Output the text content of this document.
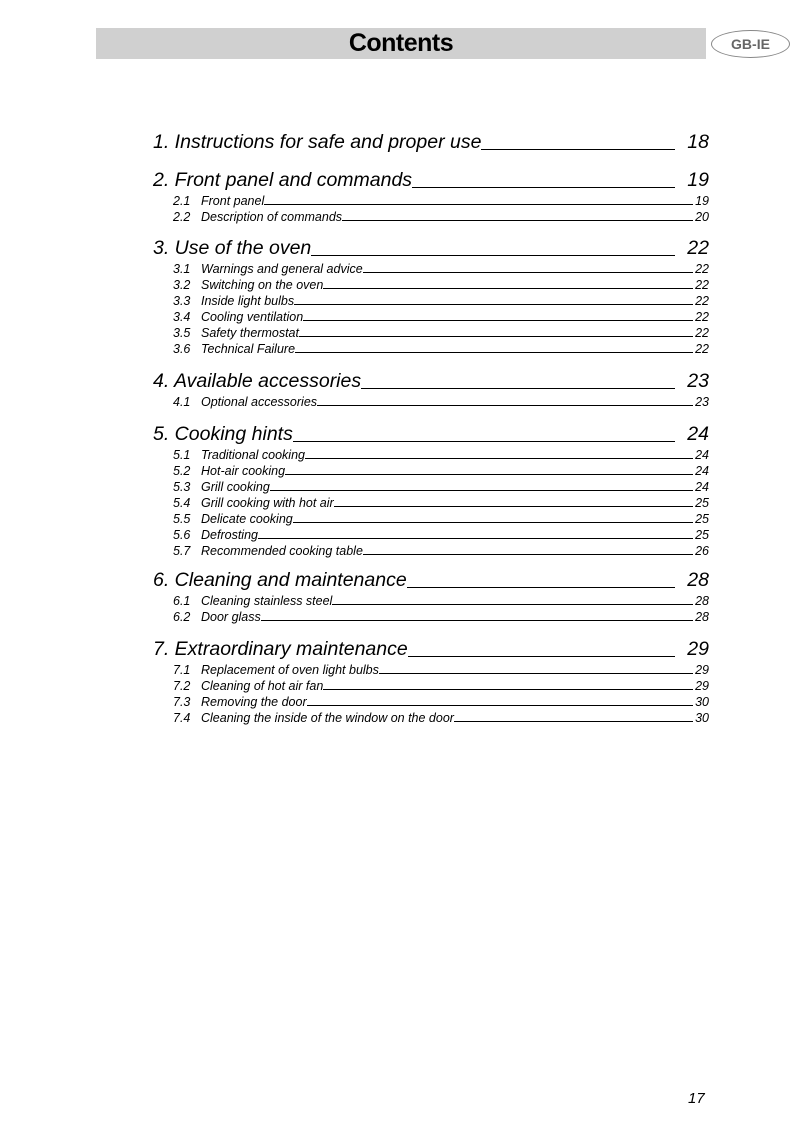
Contents	GB-IE
1. Instructions for safe and proper use	18
2. Front panel and commands	19
2.1 Front panel	19
2.2 Description of commands	20
3. Use of the oven	22
3.1 Warnings and general advice	22
3.2 Switching on the oven	22
3.3 Inside light bulbs	22
3.4 Cooling ventilation	22
3.5 Safety thermostat	22
3.6 Technical Failure	22
4. Available accessories	23
4.1 Optional accessories	23
5. Cooking hints	24
5.1 Traditional cooking	24
5.2 Hot-air cooking	24
5.3 Grill cooking	24
5.4 Grill cooking with hot air	25
5.5 Delicate cooking	25
5.6 Defrosting	25
5.7 Recommended cooking table	26
6. Cleaning and maintenance	28
6.1 Cleaning stainless steel	28
6.2 Door glass	28
7. Extraordinary maintenance	29
7.1 Replacement of oven light bulbs	29
7.2 Cleaning of hot air fan	29
7.3 Removing the door	30
7.4 Cleaning the inside of the window on the door	30
17
